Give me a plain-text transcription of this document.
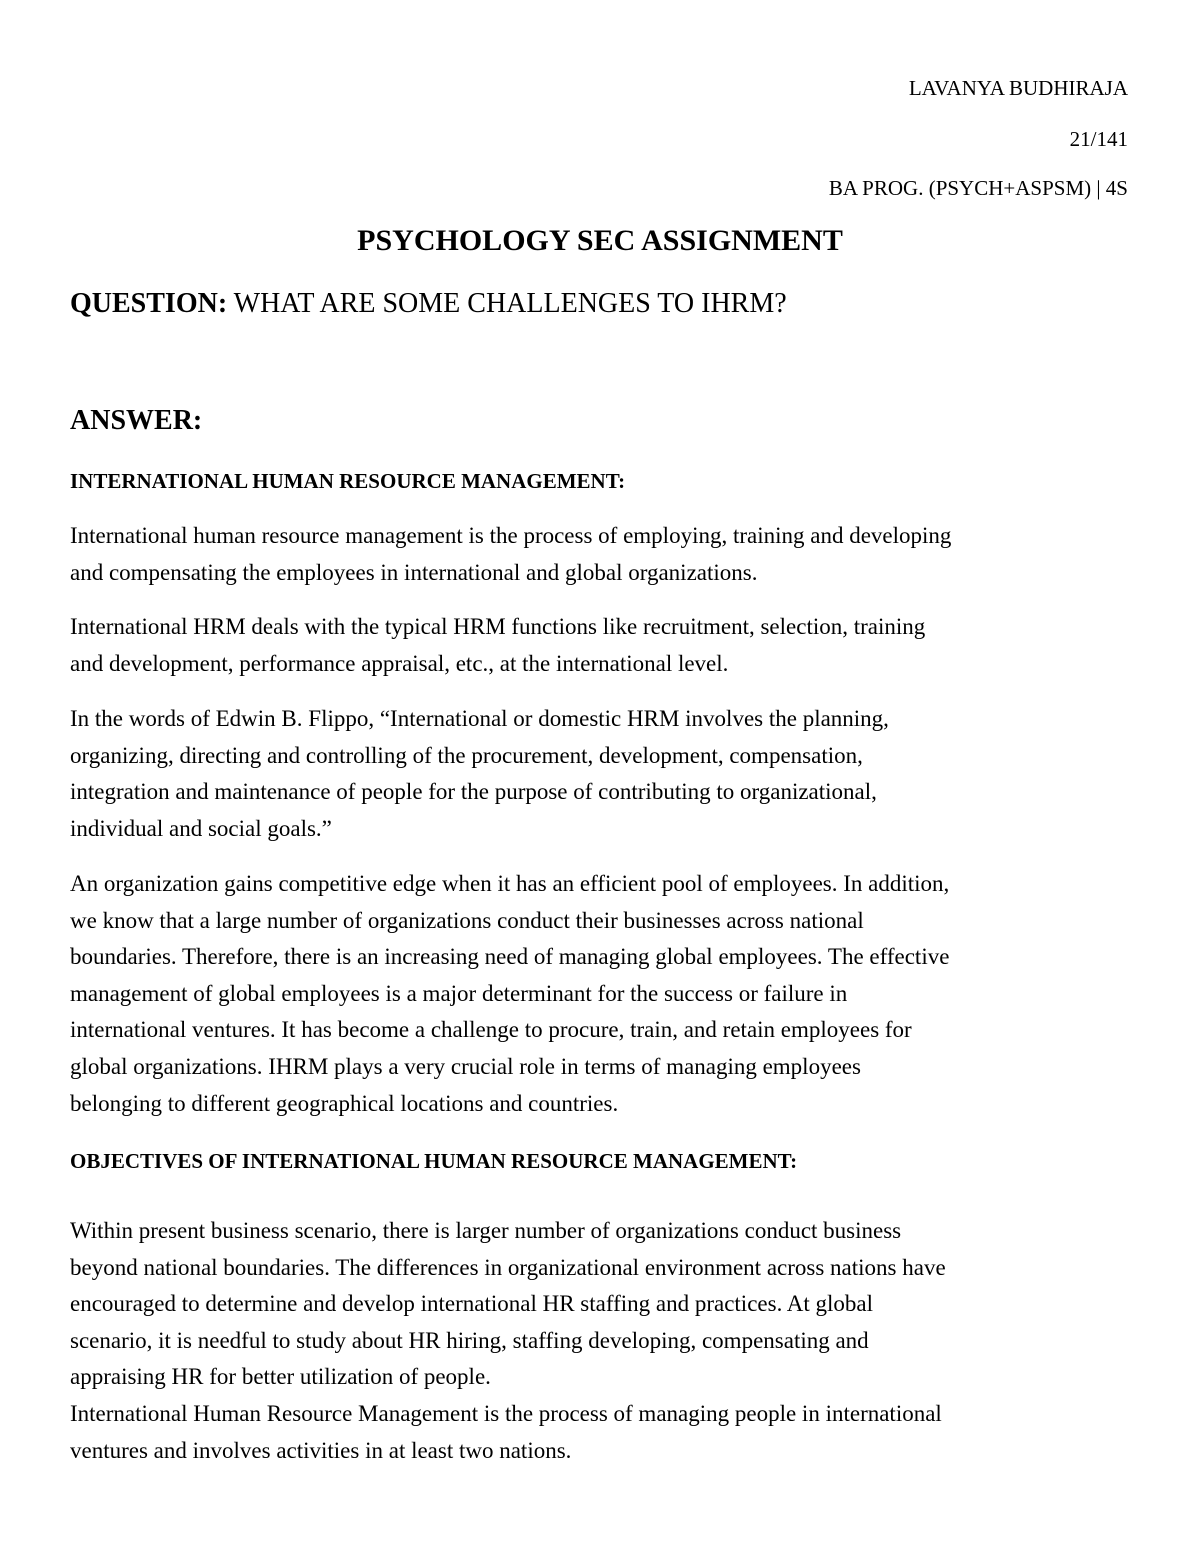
LAVANYA BUDHIRAJA
21/141
BA PROG. (PSYCH+ASPSM) | 4S
PSYCHOLOGY SEC ASSIGNMENT
QUESTION: WHAT ARE SOME CHALLENGES TO IHRM?
ANSWER:
INTERNATIONAL HUMAN RESOURCE MANAGEMENT:

International human resource management is the process of employing, training and developing
and compensating the employees in international and global organizations.

International HRM deals with the typical HRM functions like recruitment, selection, training
and development, performance appraisal, etc., at the international level.

In the words of Edwin B. Flippo, “International or domestic HRM involves the planning,
organizing, directing and controlling of the procurement, development, compensation,
integration and maintenance of people for the purpose of contributing to organizational,
individual and social goals.”

An organization gains competitive edge when it has an efficient pool of employees. In addition,
we know that a large number of organizations conduct their businesses across national
boundaries. Therefore, there is an increasing need of managing global employees. The effective
management of global employees is a major determinant for the success or failure in
international ventures. It has become a challenge to procure, train, and retain employees for
global organizations. IHRM plays a very crucial role in terms of managing employees
belonging to different geographical locations and countries.

OBJECTIVES OF INTERNATIONAL HUMAN RESOURCE MANAGEMENT:

Within present business scenario, there is larger number of organizations conduct business
beyond national boundaries. The differences in organizational environment across nations have
encouraged to determine and develop international HR staffing and practices. At global
scenario, it is needful to study about HR hiring, staffing developing, compensating and
appraising HR for better utilization of people.
International Human Resource Management is the process of managing people in international
ventures and involves activities in at least two nations.
